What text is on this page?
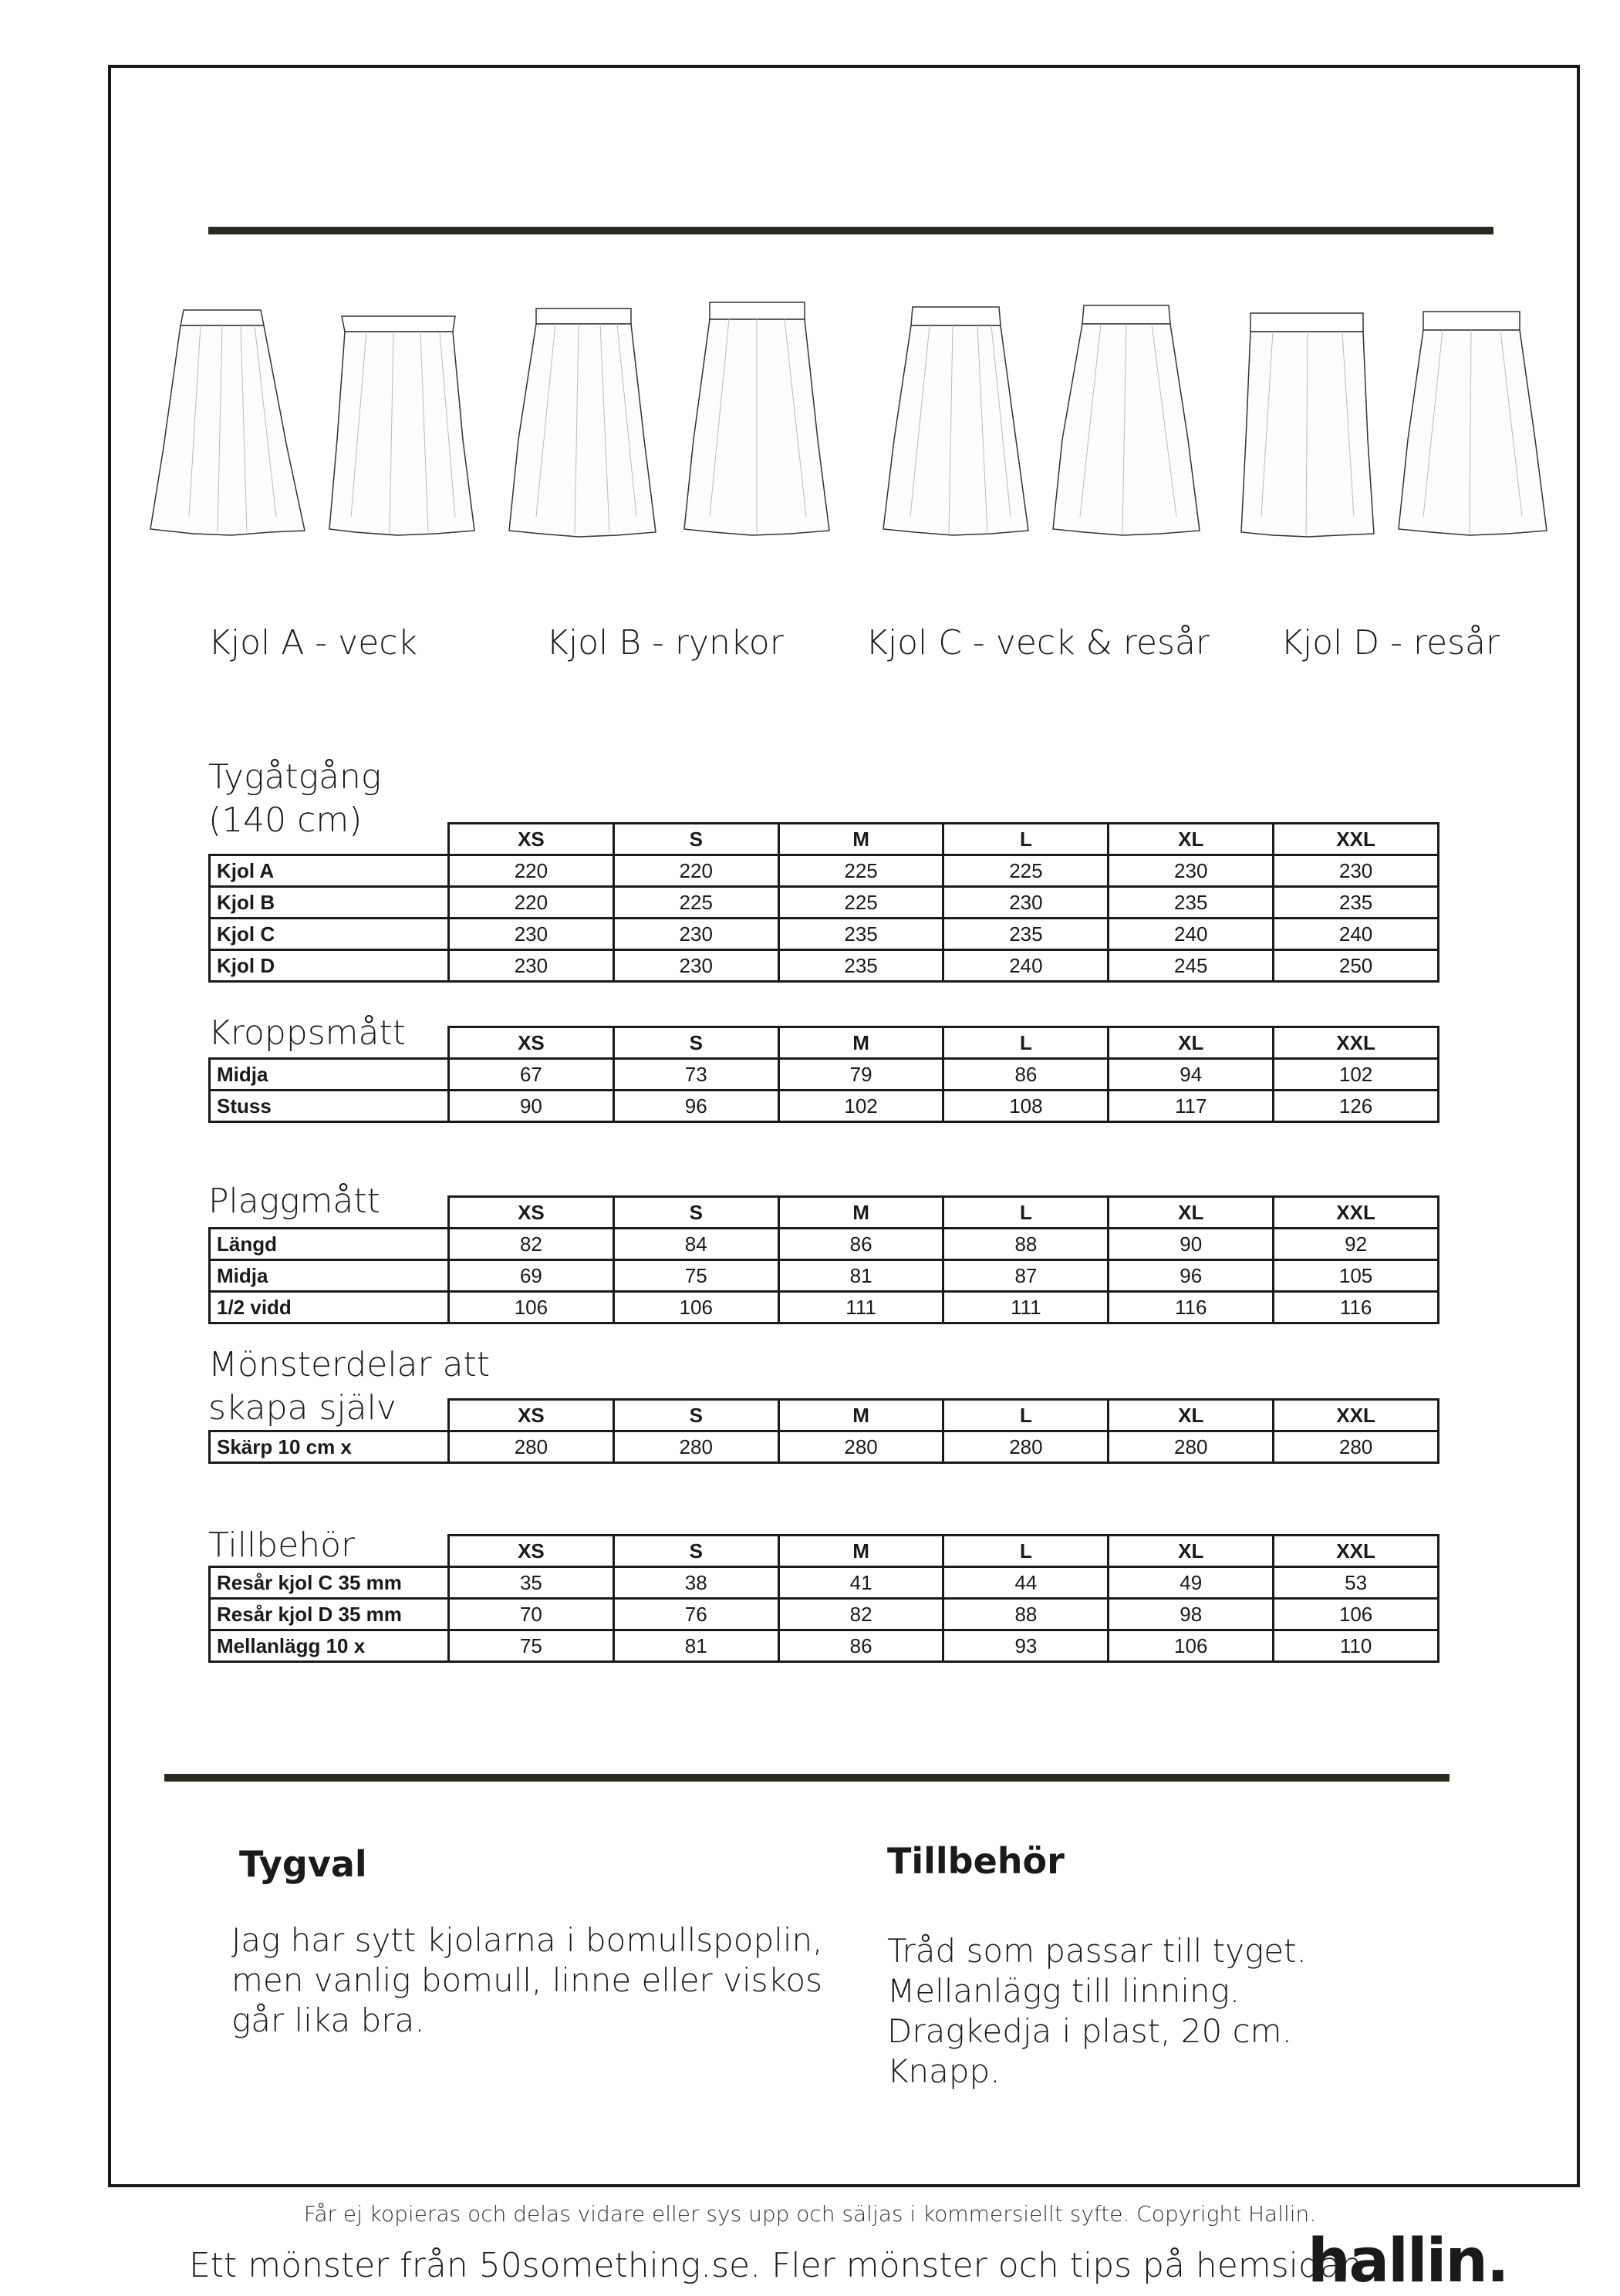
Kjol A - veck	Kjol B - rynkor Kjol C - veck & resår Kjol D - resår
Tygåtgång
(140 cm)
Kroppsmått
Plaggmått
Mönsterdelar att
skapa själv
Tillbehör
	XS	S	M	L	XL	XXL
Kjol A	220	220	225	225	230	230
Kjol B	220	225	225	230	235	235
Kjol C	230	230	235	235	240	240
Kjol D	230	230	235	240	245	250
	XS	S	M	L	XL	XXL
Midja	67	73	79	86	94	102
Stuss	90	96	102	108	117	126
	XS	S	M	L	XL	XXL
Längd	82	84	86	88	90	92
Midja	69	75	81	87	96	105
1/2 vidd	106	106	111	111	116	116
	XS	S	M	L	XL	XXL
Skärp 10 cm x	280	280	280	280	280	280
	XS	S	M	L	XL	XXL
Resår kjol C 35 mm	35	38	41	44	49	53
Resår kjol D 35 mm	70	76	82	88	98	106
Mellanlägg 10 x	75	81	86	93	106	110
Tygval
Jag har sytt kjolarna i bomullspoplin,
men vanlig bomull, linne eller viskos
går lika bra.
Tillbehör
Tråd som passar till tyget.
Mellanlägg till linning.
Dragkedja i plast, 20 cm.
Knapp.
Får ej kopieras och delas vidare eller sys upp och säljas i kommersiellt syfte. Copyright Hallin.
Ett mönster från 50something.se. Fler mönster och tips på hemsidan.
hallin.
